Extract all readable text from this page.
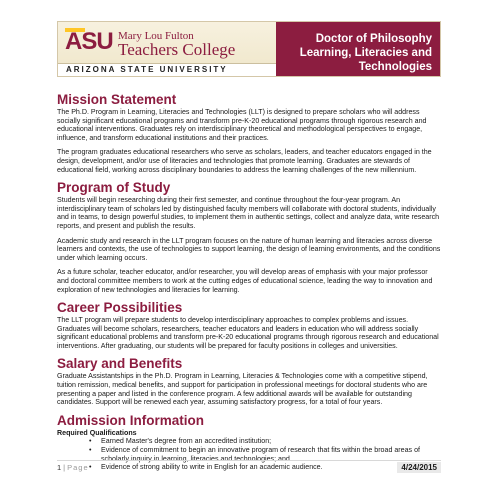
ASU Mary Lou Fulton
Teachers College
ARIZONA STATE UNIVERSITY
Doctor of Philosophy
Learning, Literacies and
Technologies
Mission Statement

The Ph.D. Program in Learning, Literacies and Technologies (LLT) is designed to prepare scholars who will address socially significant educational programs and transform pre-K-20 educational programs through rigorous research and educational interventions. Graduates rely on interdisciplinary theoretical and methodological perspectives to engage, influence, and transform educational institutions and their practices.

The program graduates educational researchers who serve as scholars, leaders, and teacher educators engaged in the design, development, and/or use of literacies and technologies that promote learning. Graduates are stewards of educational field, working across disciplinary boundaries to address the learning challenges of the new millennium.

Program of Study

Students will begin researching during their first semester, and continue throughout the four-year program. An interdisciplinary team of scholars led by distinguished faculty members will collaborate with doctoral students, individually and in teams, to design powerful studies, to implement them in authentic settings, collect and analyze data, write research reports, and present and publish the results.

Academic study and research in the LLT program focuses on the nature of human learning and literacies across diverse learners and contexts, the use of technologies to support learning, the design of learning environments, and the conditions under which learning occurs.

As a future scholar, teacher educator, and/or researcher, you will develop areas of emphasis with your major professor and doctoral committee members to work at the cutting edges of educational science, leading the way to innovation and exploration of new technologies and literacies for learning.

Career Possibilities

The LLT program will prepare students to develop interdisciplinary approaches to complex problems and issues. Graduates will become scholars, researchers, teacher educators and leaders in education who will address socially significant educational problems and transform pre-K-20 educational programs through rigorous research and educational interventions. After graduating, our students will be prepared for faculty positions in colleges and universities.

Salary and Benefits

Graduate Assistantships in the Ph.D. Program in Learning, Literacies & Technologies come with a competitive stipend, tuition remission, medical benefits, and support for participation in professional meetings for doctoral students who are presenting a paper and listed in the conference program. A few additional awards will be available for outstanding candidates. Support will be renewed each year, assuming satisfactory progress, for a total of four years.

Admission Information
Required Qualifications
• Earned Master's degree from an accredited institution;
• Evidence of commitment to begin an innovative program of research that fits within the broad areas of scholarly inquiry in learning, literacies and technologies; and
• Evidence of strong ability to write in English for an academic audience.
1 | Page	4/24/2015
